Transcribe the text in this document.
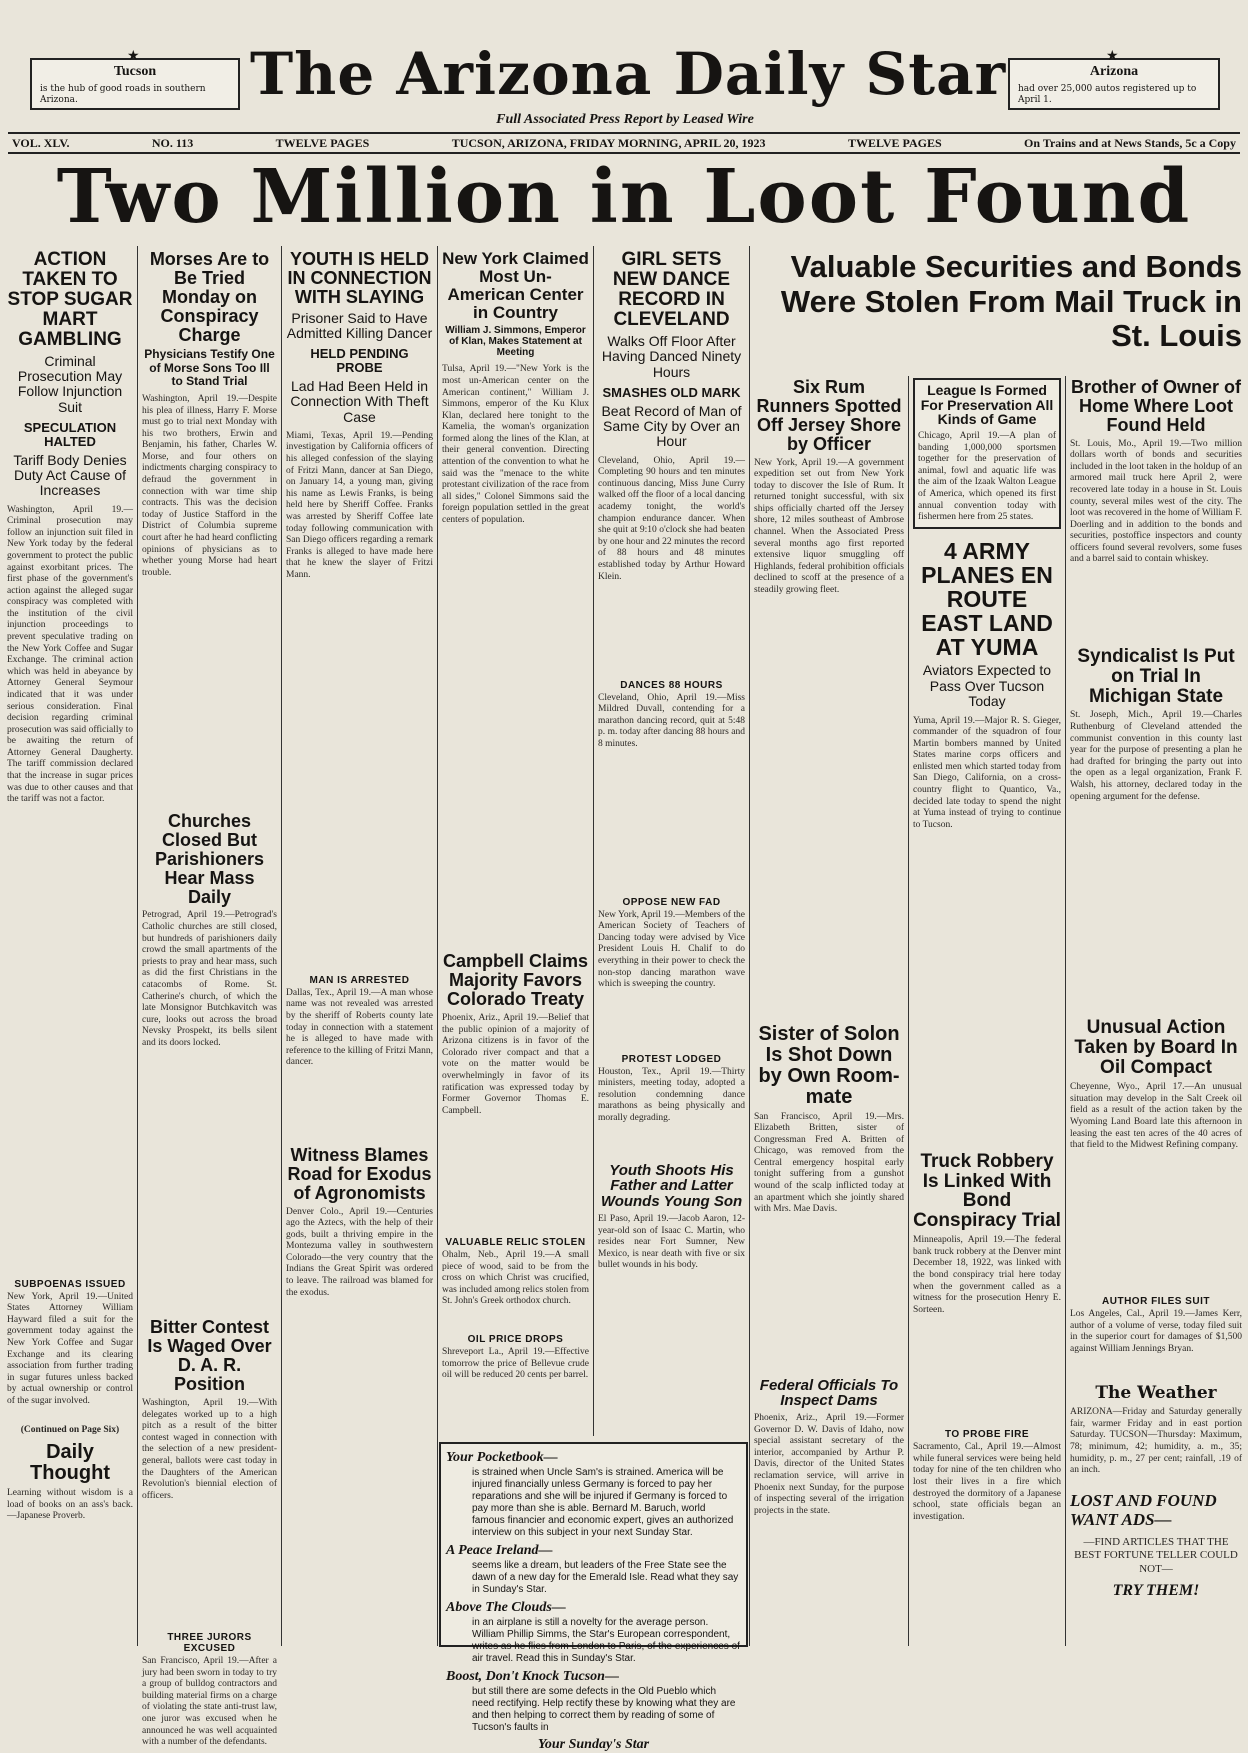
★
Tucson
is the hub of good roads in southern Arizona.
★
Arizona
had over 25,000 autos registered up to April 1.
The Arizona Daily Star
Full Associated Press Report by Leased Wire
VOL. XLV.	NO. 113	TWELVE PAGES	TUCSON, ARIZONA, FRIDAY MORNING, APRIL 20, 1923	TWELVE PAGES	On Trains and at News Stands, 5c a Copy
Two Million in Loot Found
ACTION TAKEN TO STOP SUGAR MART GAMBLING
Criminal Prosecution May Follow Injunction Suit
SPECULATION HALTED
Tariff Body Denies Duty Act Cause of Increases
Washington, April 19.—Criminal prosecution may follow an injunction suit filed in New York today by the federal government to protect the public against exorbitant prices. The first phase of the government's action against the alleged sugar conspiracy was completed with the institution of the civil injunction proceedings to prevent speculative trading on the New York Coffee and Sugar Exchange. The criminal action which was held in abeyance by Attorney General Seymour indicated that it was under serious consideration. Final decision regarding criminal prosecution was said officially to be awaiting the return of Attorney General Daugherty. The tariff commission declared that the increase in sugar prices was due to other causes and that the tariff was not a factor.
SUBPOENAS ISSUED
New York, April 19.—United States Attorney William Hayward filed a suit for the government today against the New York Coffee and Sugar Exchange and its clearing association from further trading in sugar futures unless backed by actual ownership or control of the sugar involved.
(Continued on Page Six)
Daily Thought
Learning without wisdom is a load of books on an ass's back. —Japanese Proverb.
Morses Are to Be Tried Monday on Conspiracy Charge
Physicians Testify One of Morse Sons Too Ill to Stand Trial
Washington, April 19.—Despite his plea of illness, Harry F. Morse must go to trial next Monday with his two brothers, Erwin and Benjamin, his father, Charles W. Morse, and four others on indictments charging conspiracy to defraud the government in connection with war time ship contracts. This was the decision today of Justice Stafford in the District of Columbia supreme court after he had heard conflicting opinions of physicians as to whether young Morse had heart trouble.
Churches Closed But Parishioners Hear Mass Daily
Petrograd, April 19.—Petrograd's Catholic churches are still closed, but hundreds of parishioners daily crowd the small apartments of the priests to pray and hear mass, such as did the first Christians in the catacombs of Rome. St. Catherine's church, of which the late Monsignor Butchkavitch was cure, looks out across the broad Nevsky Prospekt, its bells silent and its doors locked.
Bitter Contest Is Waged Over D. A. R. Position
Washington, April 19.—With delegates worked up to a high pitch as a result of the bitter contest waged in connection with the selection of a new president-general, ballots were cast today in the Daughters of the American Revolution's biennial election of officers.
THREE JURORS EXCUSED
San Francisco, April 19.—After a jury had been sworn in today to try a group of bulldog contractors and building material firms on a charge of violating the state anti-trust law, one juror was excused when he announced he was well acquainted with a number of the defendants.
YOUTH IS HELD IN CONNECTION WITH SLAYING
Prisoner Said to Have Admitted Killing Dancer
HELD PENDING PROBE
Lad Had Been Held in Connection With Theft Case
Miami, Texas, April 19.—Pending investigation by California officers of his alleged confession of the slaying of Fritzi Mann, dancer at San Diego, on January 14, a young man, giving his name as Lewis Franks, is being held here by Sheriff Coffee. Franks was arrested by Sheriff Coffee late today following communication with San Diego officers regarding a remark Franks is alleged to have made here that he knew the slayer of Fritzi Mann.
MAN IS ARRESTED
Dallas, Tex., April 19.—A man whose name was not revealed was arrested by the sheriff of Roberts county late today in connection with a statement he is alleged to have made with reference to the killing of Fritzi Mann, dancer.
Witness Blames Road for Exodus of Agronomists
Denver Colo., April 19.—Centuries ago the Aztecs, with the help of their gods, built a thriving empire in the Montezuma valley in southwestern Colorado—the very country that the Indians the Great Spirit was ordered to leave. The railroad was blamed for the exodus.
New York Claimed Most Un-American Center in Country
William J. Simmons, Emperor of Klan, Makes Statement at Meeting
Tulsa, April 19.—"New York is the most un-American center on the American continent," William J. Simmons, emperor of the Ku Klux Klan, declared here tonight to the Kamelia, the woman's organization formed along the lines of the Klan, at their general convention. Directing attention of the convention to what he said was the "menace to the white protestant civilization of the race from all sides," Colonel Simmons said the foreign population settled in the great centers of population.
Campbell Claims Majority Favors Colorado Treaty
Phoenix, Ariz., April 19.—Belief that the public opinion of a majority of Arizona citizens is in favor of the Colorado river compact and that a vote on the matter would be overwhelmingly in favor of its ratification was expressed today by Former Governor Thomas E. Campbell.
VALUABLE RELIC STOLEN
Ohalm, Neb., April 19.—A small piece of wood, said to be from the cross on which Christ was crucified, was included among relics stolen from St. John's Greek orthodox church.
OIL PRICE DROPS
Shreveport La., April 19.—Effective tomorrow the price of Bellevue crude oil will be reduced 20 cents per barrel.
GIRL SETS NEW DANCE RECORD IN CLEVELAND
Walks Off Floor After Having Danced Ninety Hours
SMASHES OLD MARK
Beat Record of Man of Same City by Over an Hour
Cleveland, Ohio, April 19.—Completing 90 hours and ten minutes continuous dancing, Miss June Curry walked off the floor of a local dancing academy tonight, the world's champion endurance dancer. When she quit at 9:10 o'clock she had beaten by one hour and 22 minutes the record of 88 hours and 48 minutes established today by Arthur Howard Klein.
DANCES 88 HOURS
Cleveland, Ohio, April 19.—Miss Mildred Duvall, contending for a marathon dancing record, quit at 5:48 p. m. today after dancing 88 hours and 8 minutes.
OPPOSE NEW FAD
New York, April 19.—Members of the American Society of Teachers of Dancing today were advised by Vice President Louis H. Chalif to do everything in their power to check the non-stop dancing marathon wave which is sweeping the country.
PROTEST LODGED
Houston, Tex., April 19.—Thirty ministers, meeting today, adopted a resolution condemning dance marathons as being physically and morally degrading.
Youth Shoots His Father and Latter Wounds Young Son
El Paso, April 19.—Jacob Aaron, 12-year-old son of Isaac C. Martin, who resides near Fort Sumner, New Mexico, is near death with five or six bullet wounds in his body.
Your Pocketbook—
is strained when Uncle Sam's is strained. America will be injured financially unless Germany is forced to pay her reparations and she will be injured if Germany is forced to pay more than she is able. Bernard M. Baruch, world famous financier and economic expert, gives an authorized interview on this subject in your next Sunday Star.
A Peace Ireland—
seems like a dream, but leaders of the Free State see the dawn of a new day for the Emerald Isle. Read what they say in Sunday's Star.
Above The Clouds—
in an airplane is still a novelty for the average person. William Phillip Simms, the Star's European correspondent, writes as he flies from London to Paris, of the experiences of air travel. Read this in Sunday's Star.
Boost, Don't Knock Tucson—
but still there are some defects in the Old Pueblo which need rectifying. Help rectify these by knowing what they are and then helping to correct them by reading of some of Tucson's faults in
Your Sunday's Star
Valuable Securities and Bonds Were Stolen From Mail Truck in St. Louis
Six Rum Runners Spotted Off Jersey Shore by Officer
New York, April 19.—A government expedition set out from New York today to discover the Isle of Rum. It returned tonight successful, with six ships officially charted off the Jersey shore, 12 miles southeast of Ambrose channel. When the Associated Press several months ago first reported extensive liquor smuggling off Highlands, federal prohibition officials declined to scoff at the presence of a steadily growing fleet.
Sister of Solon Is Shot Down by Own Room-mate
San Francisco, April 19.—Mrs. Elizabeth Britten, sister of Congressman Fred A. Britten of Chicago, was removed from the Central emergency hospital early tonight suffering from a gunshot wound of the scalp inflicted today at an apartment which she jointly shared with Mrs. Mae Davis.
Federal Officials To Inspect Dams
Phoenix, Ariz., April 19.—Former Governor D. W. Davis of Idaho, now special assistant secretary of the interior, accompanied by Arthur P. Davis, director of the United States reclamation service, will arrive in Phoenix next Sunday, for the purpose of inspecting several of the irrigation projects in the state.
League Is Formed For Preservation All Kinds of Game
Chicago, April 19.—A plan of banding 1,000,000 sportsmen together for the preservation of animal, fowl and aquatic life was the aim of the Izaak Walton League of America, which opened its first annual convention today with fishermen here from 25 states.
4 ARMY PLANES EN ROUTE EAST LAND AT YUMA
Aviators Expected to Pass Over Tucson Today
Yuma, April 19.—Major R. S. Gieger, commander of the squadron of four Martin bombers manned by United States marine corps officers and enlisted men which started today from San Diego, California, on a cross-country flight to Quantico, Va., decided late today to spend the night at Yuma instead of trying to continue to Tucson.
Truck Robbery Is Linked With Bond Conspiracy Trial
Minneapolis, April 19.—The federal bank truck robbery at the Denver mint December 18, 1922, was linked with the bond conspiracy trial here today when the government called as a witness for the prosecution Henry E. Sorteen.
TO PROBE FIRE
Sacramento, Cal., April 19.—Almost while funeral services were being held today for nine of the ten children who lost their lives in a fire which destroyed the dormitory of a Japanese school, state officials began an investigation.
Brother of Owner of Home Where Loot Found Held
St. Louis, Mo., April 19.—Two million dollars worth of bonds and securities included in the loot taken in the holdup of an armored mail truck here April 2, were recovered late today in a house in St. Louis county, several miles west of the city. The loot was recovered in the home of William F. Doerling and in addition to the bonds and securities, postoffice inspectors and county officers found several revolvers, some fuses and a barrel said to contain whiskey.
Syndicalist Is Put on Trial In Michigan State
St. Joseph, Mich., April 19.—Charles Ruthenburg of Cleveland attended the communist convention in this county last year for the purpose of presenting a plan he had drafted for bringing the party out into the open as a legal organization, Frank F. Walsh, his attorney, declared today in the opening argument for the defense.
Unusual Action Taken by Board In Oil Compact
Cheyenne, Wyo., April 17.—An unusual situation may develop in the Salt Creek oil field as a result of the action taken by the Wyoming Land Board late this afternoon in leasing the east ten acres of the 40 acres of that field to the Midwest Refining company.
AUTHOR FILES SUIT
Los Angeles, Cal., April 19.—James Kerr, author of a volume of verse, today filed suit in the superior court for damages of $1,500 against William Jennings Bryan.
The Weather
ARIZONA—Friday and Saturday generally fair, warmer Friday and in east portion Saturday. TUCSON—Thursday: Maximum, 78; minimum, 42; humidity, a. m., 35; humidity, p. m., 27 per cent; rainfall, .19 of an inch.
LOST AND FOUND WANT ADS—
—FIND ARTICLES THAT THE BEST FORTUNE TELLER COULD NOT—
TRY THEM!
